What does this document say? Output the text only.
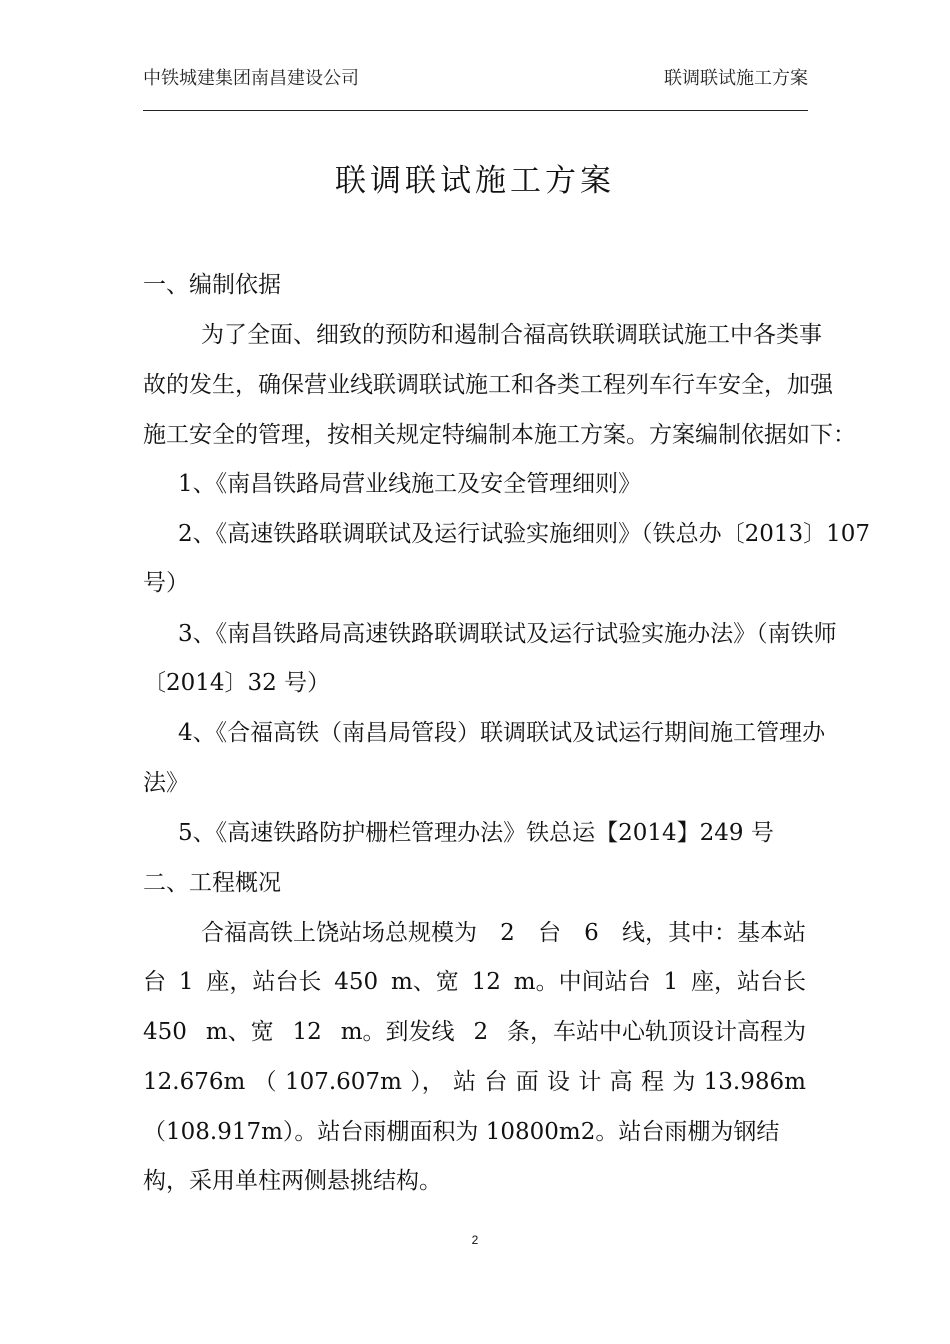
中铁城建集团南昌建设公司	联调联试施工方案
联调联试施工方案
一、编制依据
为了全面、细致的预防和遏制合福高铁联调联试施工中各类事
故的发生，确保营业线联调联试施工和各类工程列车行车安全，加强
施工安全的管理，按相关规定特编制本施工方案。方案编制依据如下：
1、《南昌铁路局营业线施工及安全管理细则》
2、《高速铁路联调联试及运行试验实施细则》（铁总办〔2013〕107
号）
3、《南昌铁路局高速铁路联调联试及运行试验实施办法》（南铁师
〔2014〕32 号）
4、《合福高铁（南昌局管段）联调联试及试运行期间施工管理办
法》
5、《高速铁路防护栅栏管理办法》铁总运【2014】249 号
二、工程概况
合福高铁上饶站场总规模为 2 台 6 线，其中：基本站
台 1 座，站台长 450 m、宽 12 m。中间站台 1 座，站台长
450 m、宽 12 m。到发线 2 条，车站中心轨顶设计高程为
12.676m （ 107.607m ）， 站 台 面 设 计 高 程 为 13.986m
（108.917m）。站台雨棚面积为 10800m2。站台雨棚为钢结
构，采用单柱两侧悬挑结构。
2
